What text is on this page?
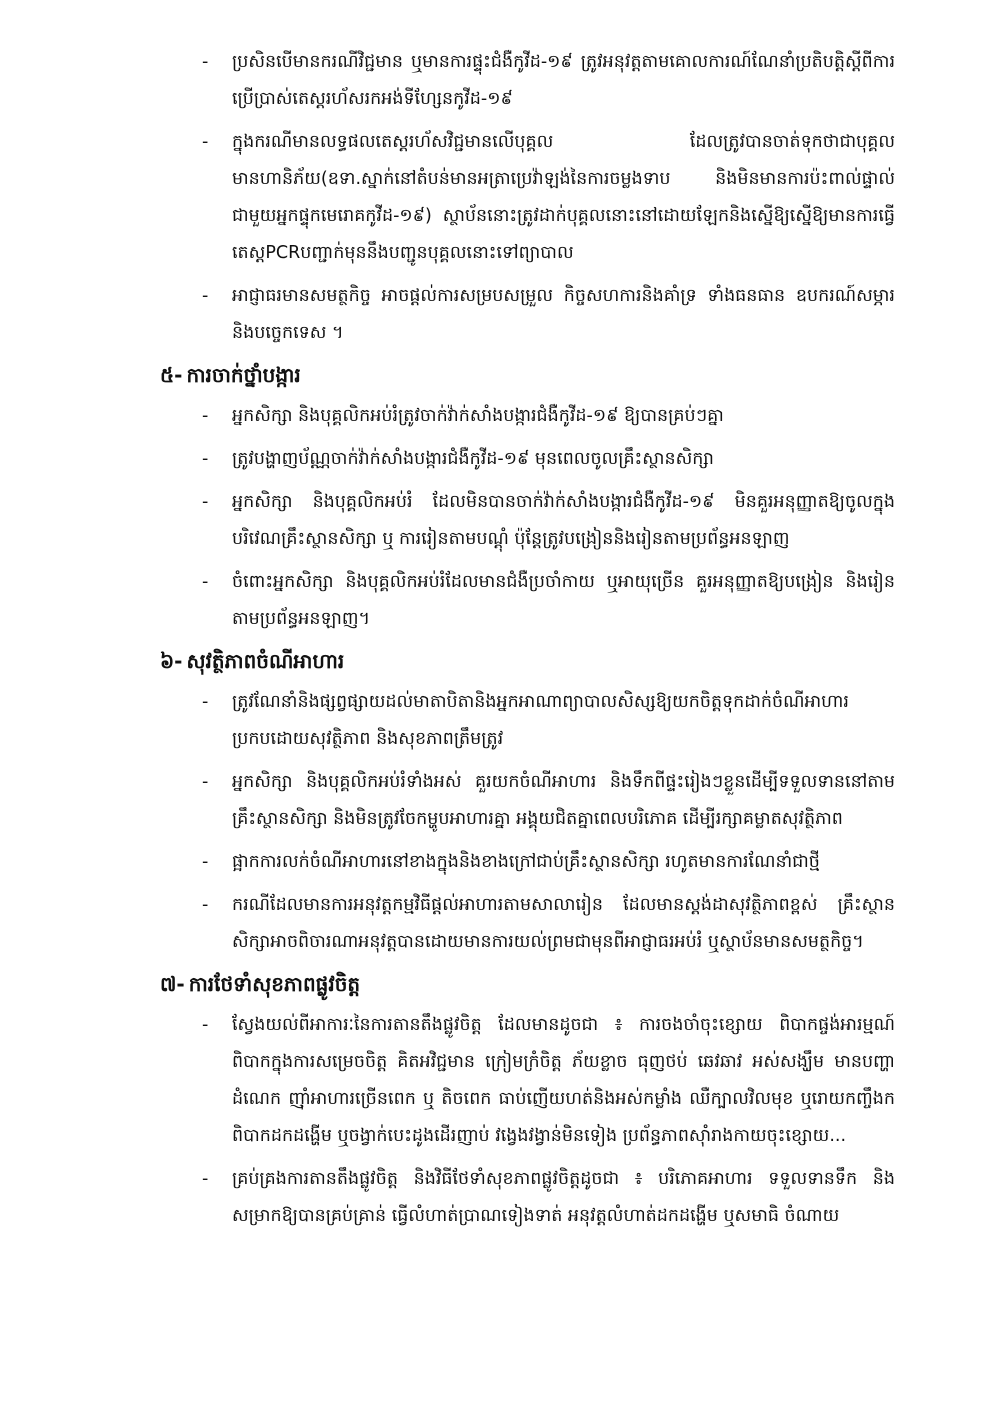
-	ប្រសិនបើមានករណីវិជ្ជមាន ឬមានការផ្ទុះជំងឺកូវីដ-១៩ ត្រូវអនុវត្តតាមគោលការណ៍ណែនាំប្រតិបត្តិស្តីពីការប្រើប្រាស់តេស្តរហ័សរកអង់ទីហ្សែនកូវីដ-១៩
-	ក្នុងករណីមានលទ្ធផលតេស្តរហ័សវិជ្ជមានលើបុគ្គល ដែលត្រូវបានចាត់ទុកថាជាបុគ្គលមានហានិភ័យ(ឧទា.ស្នាក់នៅតំបន់មានអត្រាប្រេវ៉ាឡង់នៃការចម្លងទាប និងមិនមានការប៉ះពាល់ផ្ទាល់ជាមួយអ្នកផ្ទុកមេរោគកូវីដ-១៩) ស្ថាប័ននោះត្រូវដាក់បុគ្គលនោះនៅដោយឡែកនិងស្នើឱ្យស្នើឱ្យមានការធ្វើតេស្តPCRបញ្ជាក់មុននឹងបញ្ជូនបុគ្គលនោះទៅព្យាបាល
-	អាជ្ញាធរមានសមត្ថកិច្ច អាចផ្តល់ការសម្របសម្រួល កិច្ចសហការនិងគាំទ្រ ទាំងធនធាន ឧបករណ៍សម្ភារនិងបច្ចេកទេស ។
៥- ការចាក់ថ្នាំបង្ការ
-	អ្នកសិក្សា និងបុគ្គលិកអប់រំត្រូវចាក់វ៉ាក់សាំងបង្ការជំងឺកូវីដ-១៩ ឱ្យបានគ្រប់ៗគ្នា
-	ត្រូវបង្ហាញប័ណ្ណចាក់វ៉ាក់សាំងបង្ការជំងឺកូវីដ-១៩ មុនពេលចូលគ្រឹះស្ថានសិក្សា
-	អ្នកសិក្សា និងបុគ្គលិកអប់រំ ដែលមិនបានចាក់វ៉ាក់សាំងបង្ការជំងឺកូវីដ-១៩ មិនគួរអនុញ្ញាតឱ្យចូលក្នុងបរិវេណគ្រឹះស្ថានសិក្សា ឬ ការរៀនតាមបណ្តុំ ប៉ុន្តែត្រូវបង្រៀននិងរៀនតាមប្រព័ន្ធអនឡាញ
-	ចំពោះអ្នកសិក្សា និងបុគ្គលិកអប់រំដែលមានជំងឺប្រចាំកាយ ឬអាយុច្រើន គួរអនុញ្ញាតឱ្យបង្រៀន និងរៀនតាមប្រព័ន្ធអនឡាញ។
៦- សុវត្ថិភាពចំណីអាហារ
-	ត្រូវណែនាំនិងផ្សព្វផ្សាយដល់មាតាបិតានិងអ្នកអាណាព្យាបាលសិស្សឱ្យយកចិត្តទុកដាក់ចំណីអាហារប្រកបដោយសុវត្ថិភាព និងសុខភាពត្រឹមត្រូវ
-	អ្នកសិក្សា និងបុគ្គលិកអប់រំទាំងអស់ គួរយកចំណីអាហារ និងទឹកពីផ្ទះរៀងៗខ្លួនដើម្បីទទួលទាននៅតាមគ្រឹះស្ថានសិក្សា និងមិនត្រូវចែកម្ហូបអាហារគ្នា អង្គុយជិតគ្នាពេលបរិភោគ ដើម្បីរក្សាគម្លាតសុវត្ថិភាព
-	ផ្អាកការលក់ចំណីអាហារនៅខាងក្នុងនិងខាងក្រៅជាប់គ្រឹះស្ថានសិក្សា រហូតមានការណែនាំជាថ្មី
-	ករណីដែលមានការអនុវត្តកម្មវិធីផ្តល់អាហារតាមសាលារៀន ដែលមានស្តង់ដាសុវត្ថិភាពខ្ពស់ គ្រឹះស្ថានសិក្សាអាចពិចារណាអនុវត្តបានដោយមានការយល់ព្រមជាមុនពីអាជ្ញាធរអប់រំ ឬស្ថាប័នមានសមត្ថកិច្ច។
៧- ការថែទាំសុខភាពផ្លូវចិត្ត
-	ស្វែងយល់ពីអាការៈនៃការតានតឹងផ្លូវចិត្ត ដែលមានដូចជា ៖ ការចងចាំចុះខ្សោយ ពិបាកផ្ចង់អារម្មណ៍ ពិបាកក្នុងការសម្រេចចិត្ត គិតអវិជ្ជមាន ក្រៀមក្រំចិត្ត ភ័យខ្លាច ធុញថប់ ឆេវឆាវ អស់សង្ឃឹម មានបញ្ហាដំណេក ញ៉ាំអាហារច្រើនពេក ឬ តិចពេក ធាប់ញើយហត់និងអស់កម្លាំង ឈឺក្បាលវិលមុខ ឬរោយកញ្ចឹងក ពិបាកដកដង្ហើម ឬចង្វាក់បេះដូងដើរញាប់ វង្វេងវង្វាន់មិនទៀង ប្រព័ន្ធភាពស៊ាំរាងកាយចុះខ្សោយ...
-	គ្រប់គ្រងការតានតឹងផ្លូវចិត្ត និងវិធីថែទាំសុខភាពផ្លូវចិត្តដូចជា ៖ បរិភោគអាហារ ទទួលទានទឹក និងសម្រាកឱ្យបានគ្រប់គ្រាន់ ធ្វើលំហាត់ប្រាណទៀងទាត់ អនុវត្តលំហាត់ដកដង្ហើម ឬសមាធិ ចំណាយ
